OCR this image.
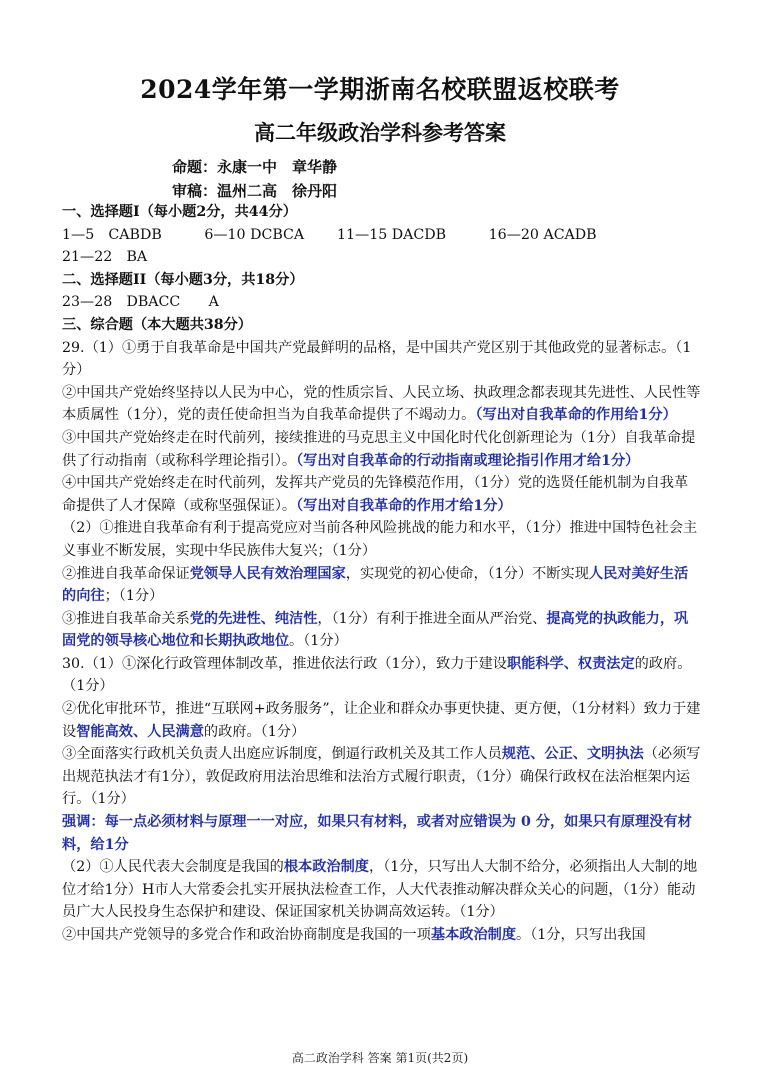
2024学年第一学期浙南名校联盟返校联考
高二年级政治学科参考答案
命题：永康一中　章华静
审稿：温州二高　徐丹阳

一、选择题Ⅰ（每小题2分，共44分）

1—5　CABDB　　　6—10 DCBCA　　 11—15 DACDB　　　16—20 ACADB

21—22　BA

二、选择题II（每小题3分，共18分）

23—28　DBACC　　A

三、综合题（本大题共38分）

29.（1）①勇于自我革命是中国共产党最鲜明的品格，是中国共产党区别于其他政党的显著标志。（1分）

②中国共产党始终坚持以人民为中心，党的性质宗旨、人民立场、执政理念都表现其先进性、人民性等本质属性（1分），党的责任使命担当为自我革命提供了不竭动力。（写出对自我革命的作用给1分）

③中国共产党始终走在时代前列，接续推进的马克思主义中国化时代化创新理论为（1分）自我革命提供了行动指南（或称科学理论指引）。（写出对自我革命的行动指南或理论指引作用才给1分）

④中国共产党始终走在时代前列，发挥共产党员的先锋模范作用，（1分）党的选贤任能机制为自我革命提供了人才保障（或称坚强保证）。（写出对自我革命的作用才给1分）

（2）①推进自我革命有利于提高党应对当前各种风险挑战的能力和水平，（1分）推进中国特色社会主义事业不断发展，实现中华民族伟大复兴；（1分）

②推进自我革命保证党领导人民有效治理国家，实现党的初心使命，（1分）不断实现人民对美好生活的向往；（1分）

③推进自我革命关系党的先进性、纯洁性，（1分）有利于推进全面从严治党、提高党的执政能力，巩固党的领导核心地位和长期执政地位。（1分）

30.（1）①深化行政管理体制改革，推进依法行政（1分），致力于建设职能科学、权责法定的政府。（1分）

②优化审批环节，推进“互联网+政务服务”，让企业和群众办事更快捷、更方便，（1分材料）致力于建设智能高效、人民满意的政府。（1分）

③全面落实行政机关负责人出庭应诉制度，倒逼行政机关及其工作人员规范、公正、文明执法（必须写出规范执法才有1分），敦促政府用法治思维和法治方式履行职责，（1分）确保行政权在法治框架内运行。（1分）

强调：每一点必须材料与原理一一对应，如果只有材料，或者对应错误为 0 分，如果只有原理没有材料，给1分

（2）①人民代表大会制度是我国的根本政治制度，（1分，只写出人大制不给分，必须指出人大制的地位才给1分）H市人大常委会扎实开展执法检查工作，人大代表推动解决群众关心的问题，（1分）能动员广大人民投身生态保护和建设、保证国家机关协调高效运转。（1分）

②中国共产党领导的多党合作和政治协商制度是我国的一项基本政治制度。（1分，只写出我国

高二政治学科 答案 第1页(共2页)
